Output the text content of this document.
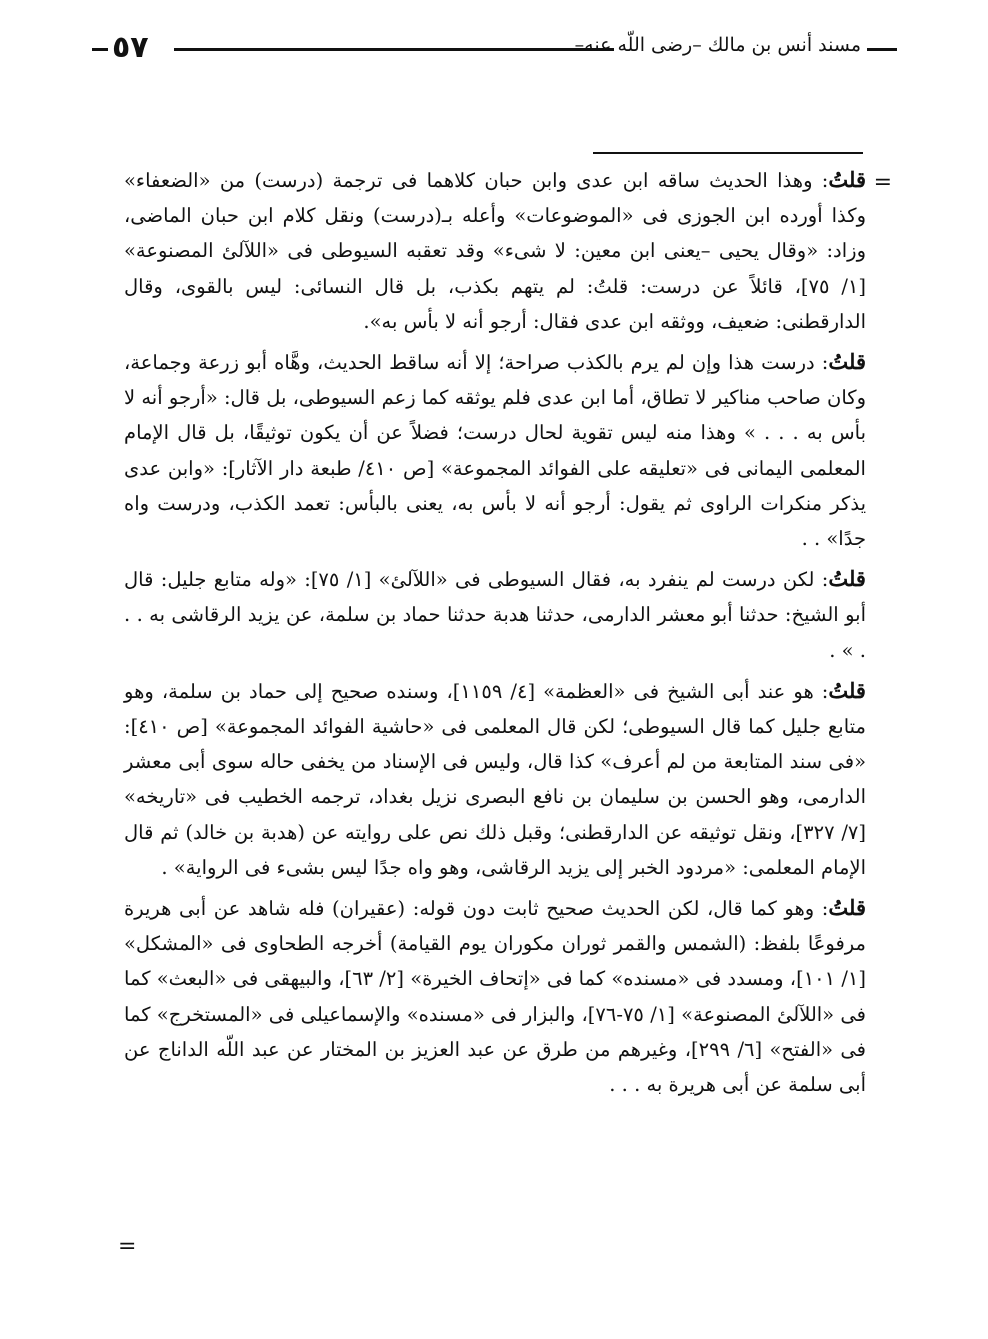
٥٧	مسند أنس بن مالك –رضى اللّه عنه–
=

قلتُ: وهذا الحديث ساقه ابن عدى وابن حبان كلاهما فى ترجمة (درست) من «الضعفاء» وكذا أورده ابن الجوزى فى «الموضوعات» وأعله بـ(درست) ونقل كلام ابن حبان الماضى، وزاد: «وقال يحيى –يعنى ابن معين: لا شىء» وقد تعقبه السيوطى فى «اللآلئ المصنوعة» [١/ ٧٥]، قائلاً عن درست: قلتُ: لم يتهم بكذب، بل قال النسائى: ليس بالقوى، وقال الدارقطنى: ضعيف، ووثقه ابن عدى فقال: أرجو أنه لا بأس به».

قلتُ: درست هذا وإن لم يرم بالكذب صراحة؛ إلا أنه ساقط الحديث، وهَّاه أبو زرعة وجماعة، وكان صاحب مناكير لا تطاق، أما ابن عدى فلم يوثقه كما زعم السيوطى، بل قال: «أرجو أنه لا بأس به . . . » وهذا منه ليس تقوية لحال درست؛ فضلاً عن أن يكون توثيقًا، بل قال الإمام المعلمى اليمانى فى «تعليقه على الفوائد المجموعة» [ص ٤١٠/ طبعة دار الآثار]: «وابن عدى يذكر منكرات الراوى ثم يقول: أرجو أنه لا بأس به، يعنى بالبأس: تعمد الكذب، ودرست واه جدًا» . .

قلتُ: لكن درست لم ينفرد به، فقال السيوطى فى «اللآلئ» [١/ ٧٥]: «وله متابع جليل: قال أبو الشيخ: حدثنا أبو معشر الدارمى، حدثنا هدبة حدثنا حماد بن سلمة، عن يزيد الرقاشى به . . . » .

قلتُ: هو عند أبى الشيخ فى «العظمة» [٤/ ١١٥٩]، وسنده صحيح إلى حماد بن سلمة، وهو متابع جليل كما قال السيوطى؛ لكن قال المعلمى فى «حاشية الفوائد المجموعة» [ص ٤١٠]: «فى سند المتابعة من لم أعرف» كذا قال، وليس فى الإسناد من يخفى حاله سوى أبى معشر الدارمى، وهو الحسن بن سليمان بن نافع البصرى نزيل بغداد، ترجمه الخطيب فى «تاريخه» [٧/ ٣٢٧]، ونقل توثيقه عن الدارقطنى؛ وقبل ذلك نص على روايته عن (هدبة بن خالد) ثم قال الإمام المعلمى: «مردود الخبر إلى يزيد الرقاشى، وهو واه جدًا ليس بشىء فى الرواية» .

قلتُ: وهو كما قال، لكن الحديث صحيح ثابت دون قوله: (عقيران) فله شاهد عن أبى هريرة مرفوعًا بلفظ: (الشمس والقمر ثوران مكوران يوم القيامة) أخرجه الطحاوى فى «المشكل» [١/ ١٠١]، ومسدد فى «مسنده» كما فى «إتحاف الخيرة» [٢/ ٦٣]، والبيهقى فى «البعث» كما فى «اللآلئ المصنوعة» [١/ ٧٥-٧٦]، والبزار فى «مسنده» والإسماعيلى فى «المستخرج» كما فى «الفتح» [٦/ ٢٩٩]، وغيرهم من طرق عن عبد العزيز بن المختار عن عبد اللّه الداناج عن أبى سلمة عن أبى هريرة به . . .

=
